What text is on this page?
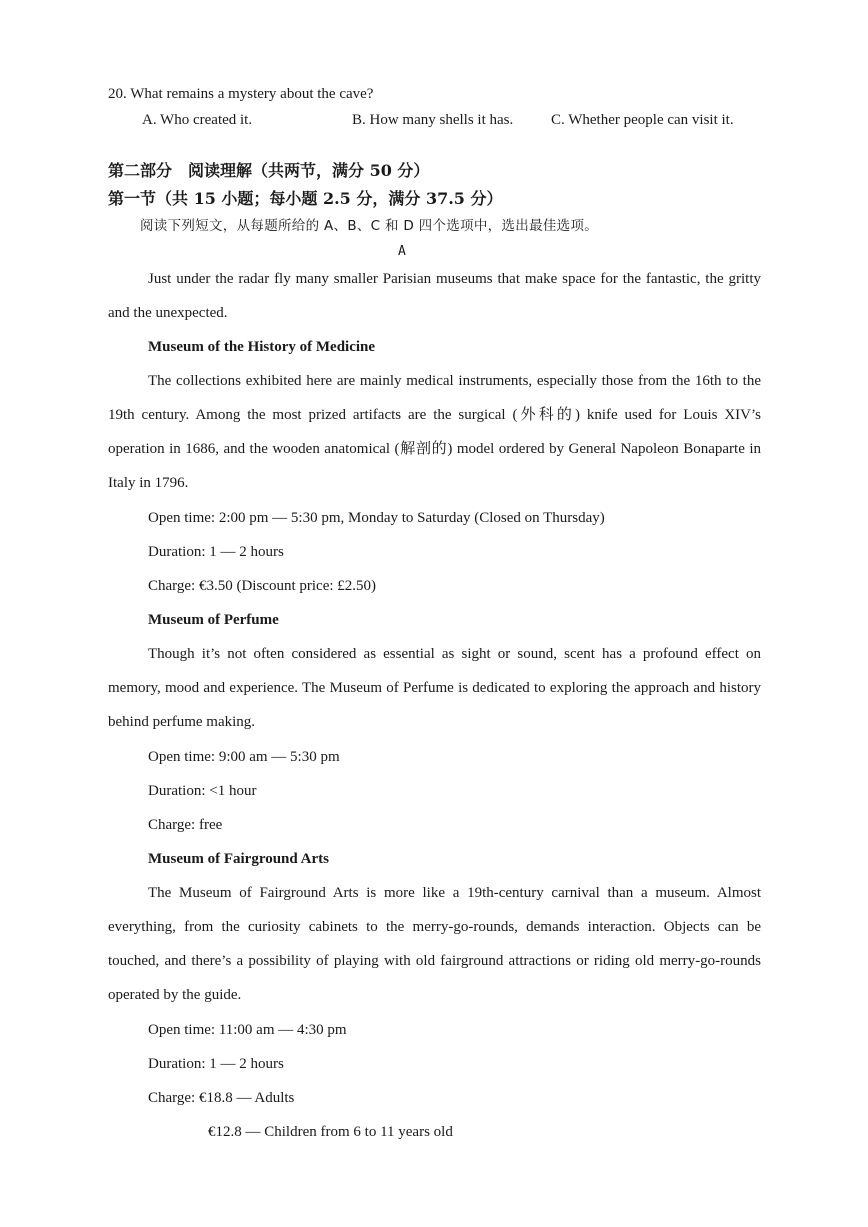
20. What remains a mystery about the cave?
A. Who created it.	B. How many shells it has.	C. Whether people can visit it.
第二部分　阅读理解（共两节，满分 50 分）
第一节（共 15 小题；每小题 2.5 分，满分 37.5 分）
阅读下列短文，从每题所给的 A、B、C 和 D 四个选项中，选出最佳选项。
A
Just under the radar fly many smaller Parisian museums that make space for the fantastic, the gritty and the unexpected.
Museum of the History of Medicine
The collections exhibited here are mainly medical instruments, especially those from the 16th to the 19th century. Among the most prized artifacts are the surgical (外科的) knife used for Louis XIV’s operation in 1686, and the wooden anatomical (解剖的) model ordered by General Napoleon Bonaparte in Italy in 1796.
Open time: 2:00 pm — 5:30 pm, Monday to Saturday (Closed on Thursday)
Duration: 1 — 2 hours
Charge: €3.50 (Discount price: £2.50)
Museum of Perfume
Though it’s not often considered as essential as sight or sound, scent has a profound effect on memory, mood and experience. The Museum of Perfume is dedicated to exploring the approach and history behind perfume making.
Open time: 9:00 am — 5:30 pm
Duration: <1 hour
Charge: free
Museum of Fairground Arts
The Museum of Fairground Arts is more like a 19th-century carnival than a museum. Almost everything, from the curiosity cabinets to the merry-go-rounds, demands interaction. Objects can be touched, and there’s a possibility of playing with old fairground attractions or riding old merry-go-rounds operated by the guide.
Open time: 11:00 am — 4:30 pm
Duration: 1 — 2 hours
Charge: €18.8 — Adults
€12.8 — Children from 6 to 11 years old
